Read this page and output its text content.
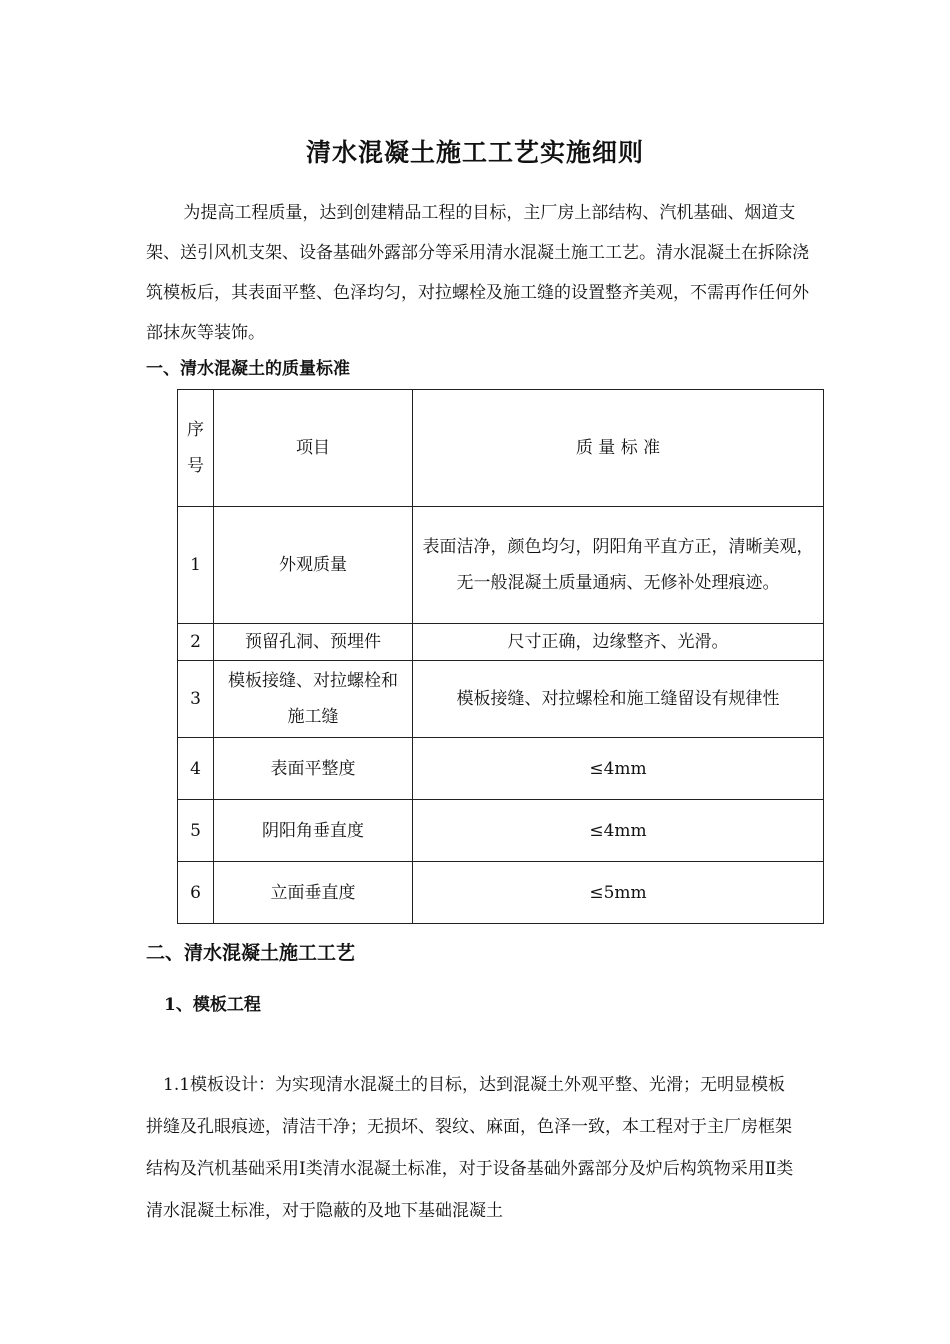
清水混凝土施工工艺实施细则

为提高工程质量，达到创建精品工程的目标，主厂房上部结构、汽机基础、烟道支架、送引风机支架、设备基础外露部分等采用清水混凝土施工工艺。清水混凝土在拆除浇筑模板后，其表面平整、色泽均匀，对拉螺栓及施工缝的设置整齐美观，不需再作任何外部抹灰等装饰。

一、清水混凝土的质量标准
序号	项目	质 量 标 准
1	外观质量	表面洁净，颜色均匀，阴阳角平直方正，清晰美观，无一般混凝土质量通病、无修补处理痕迹。
2	预留孔洞、预埋件	尺寸正确，边缘整齐、光滑。
3	模板接缝、对拉螺栓和施工缝	模板接缝、对拉螺栓和施工缝留设有规律性
4	表面平整度	≤4mm
5	阴阳角垂直度	≤4mm
6	立面垂直度	≤5mm
二、清水混凝土施工工艺
1、模板工程

1.1模板设计：为实现清水混凝土的目标，达到混凝土外观平整、光滑；无明显模板拼缝及孔眼痕迹，清洁干净；无损坏、裂纹、麻面，色泽一致，本工程对于主厂房框架结构及汽机基础采用Ⅰ类清水混凝土标准，对于设备基础外露部分及炉后构筑物采用Ⅱ类清水混凝土标准，对于隐蔽的及地下基础混凝土
